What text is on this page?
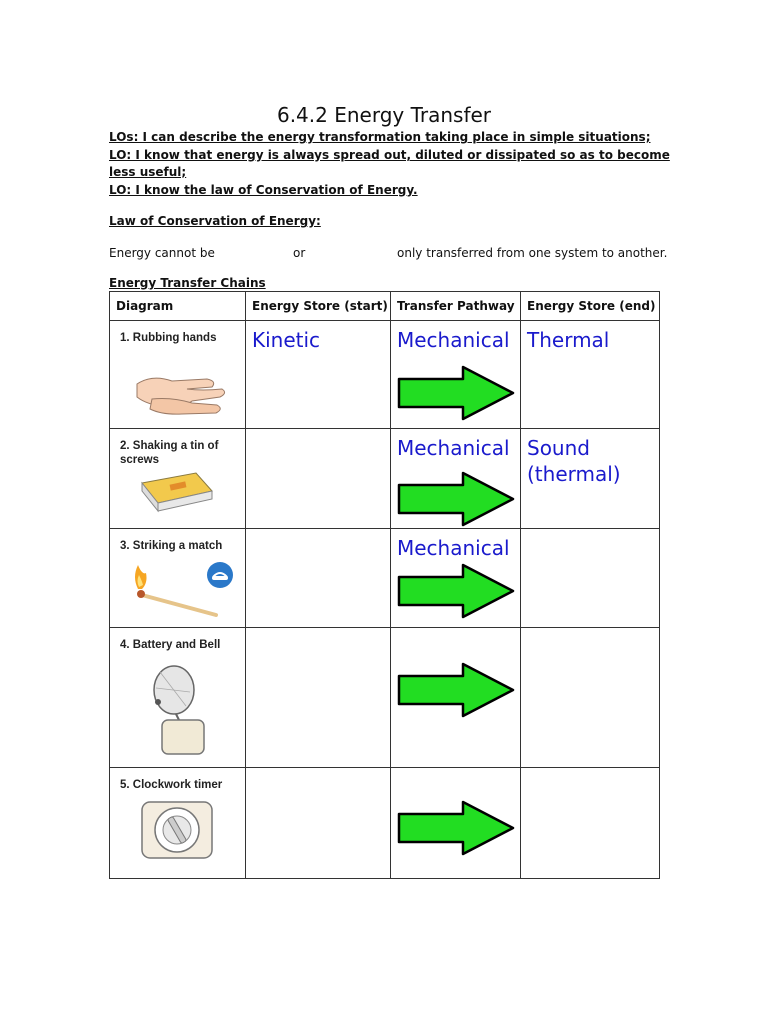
6.4.2 Energy Transfer
LOs: I can describe the energy transformation taking place in simple situations;
LO: I know that energy is always spread out, diluted or dissipated so as to become
less useful;
LO: I know the law of Conservation of Energy.
Law of Conservation of Energy:
Energy cannot be	or	only transferred from one system to another.
Energy Transfer Chains
Diagram	Energy Store (start)	Transfer Pathway	Energy Store (end)

1. Rubbing hands	Kinetic	Mechanical	Thermal

2. Shaking a tin of screws		Mechanical	Sound (thermal)

3. Striking a match		Mechanical	

4. Battery and Bell

5. Clockwork timer
